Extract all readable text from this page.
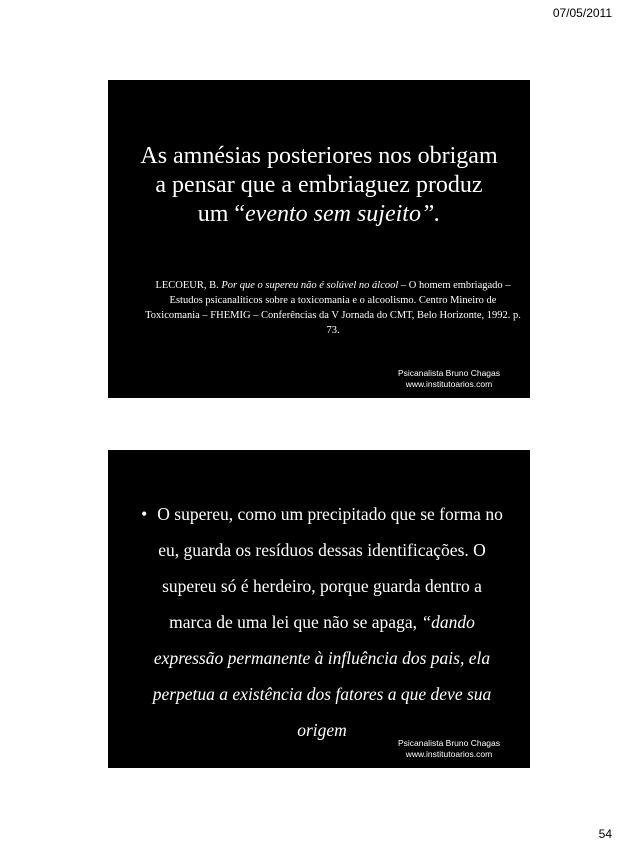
07/05/2011
As amnésias posteriores nos obrigam a pensar que a embriaguez produz um “evento sem sujeito”.
LECOEUR, B. Por que o supereu não é solúvel no álcool – O homem embriagado – Estudos psicanalíticos sobre a toxicomania e o alcoolismo. Centro Mineiro de Toxicomania – FHEMIG – Conferências da V Jornada do CMT, Belo Horizonte, 1992. p. 73.
Psicanalista Bruno Chagas
www.institutoarios.com
• O supereu, como um precipitado que se forma no eu, guarda os resíduos dessas identificações. O supereu só é herdeiro, porque guarda dentro a marca de uma lei que não se apaga, “dando expressão permanente à influência dos pais, ela perpetua a existência dos fatores a que deve sua origem
Psicanalista Bruno Chagas
www.institutoarios.com
54
